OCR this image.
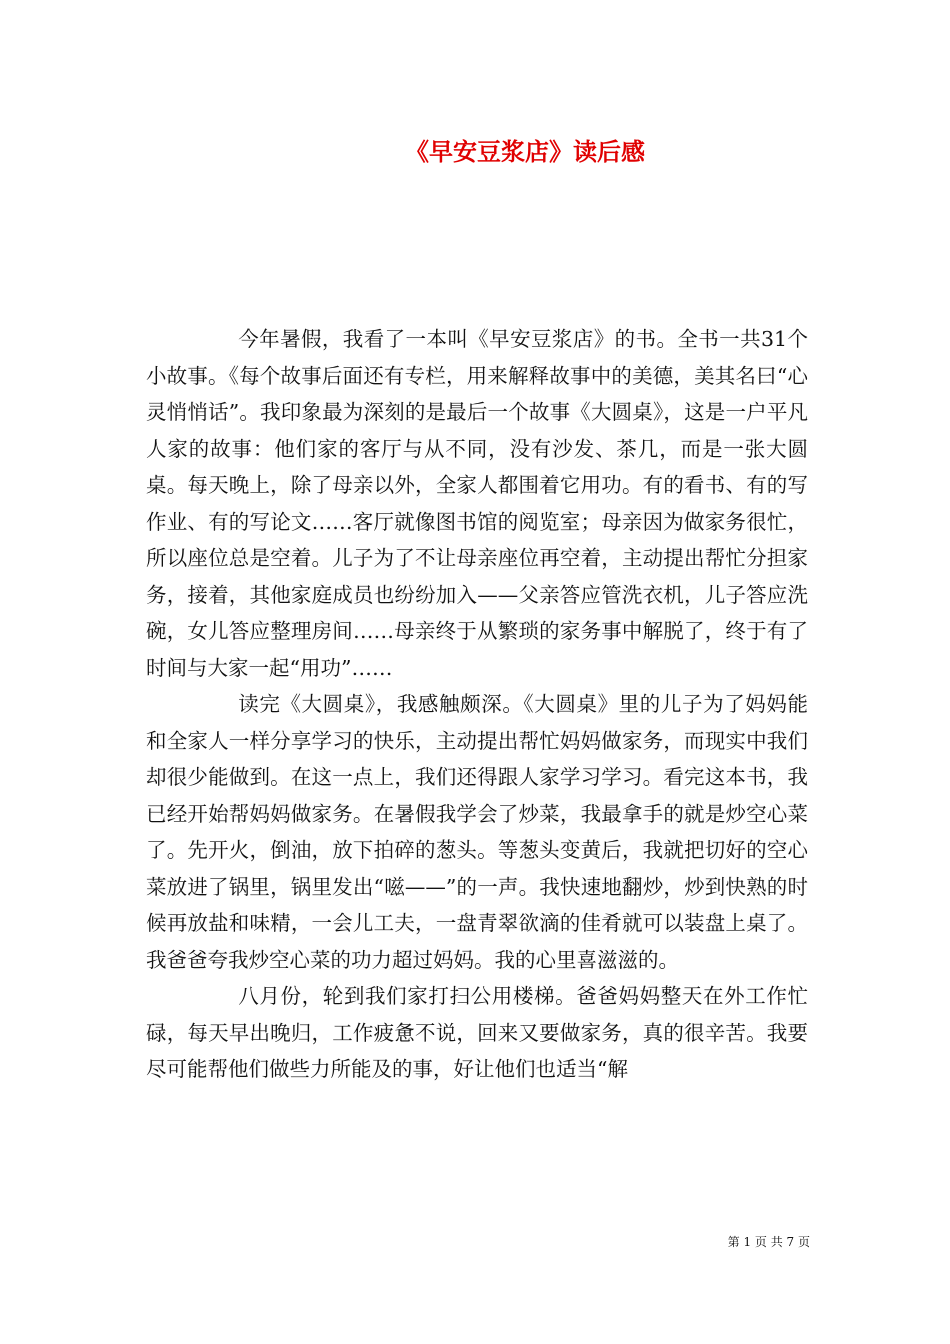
《早安豆浆店》读后感

今年暑假，我看了一本叫《早安豆浆店》的书。全书一共31个小故事。《每个故事后面还有专栏，用来解释故事中的美德，美其名曰“心灵悄悄话”。我印象最为深刻的是最后一个故事《大圆桌》，这是一户平凡人家的故事：他们家的客厅与从不同，没有沙发、茶几，而是一张大圆桌。每天晚上，除了母亲以外，全家人都围着它用功。有的看书、有的写作业、有的写论文……客厅就像图书馆的阅览室；母亲因为做家务很忙，所以座位总是空着。儿子为了不让母亲座位再空着，主动提出帮忙分担家务，接着，其他家庭成员也纷纷加入——父亲答应管洗衣机，儿子答应洗碗，女儿答应整理房间……母亲终于从繁琐的家务事中解脱了，终于有了时间与大家一起“用功”……

读完《大圆桌》，我感触颇深。《大圆桌》里的儿子为了妈妈能和全家人一样分享学习的快乐，主动提出帮忙妈妈做家务，而现实中我们却很少能做到。在这一点上，我们还得跟人家学习学习。看完这本书，我已经开始帮妈妈做家务。在暑假我学会了炒菜，我最拿手的就是炒空心菜了。先开火，倒油，放下拍碎的葱头。等葱头变黄后，我就把切好的空心菜放进了锅里，锅里发出“嗞——”的一声。我快速地翻炒，炒到快熟的时候再放盐和味精，一会儿工夫，一盘青翠欲滴的佳肴就可以装盘上桌了。我爸爸夸我炒空心菜的功力超过妈妈。我的心里喜滋滋的。

八月份，轮到我们家打扫公用楼梯。爸爸妈妈整天在外工作忙碌，每天早出晚归，工作疲惫不说，回来又要做家务，真的很辛苦。我要尽可能帮他们做些力所能及的事，好让他们也适当“解

第 1 页 共 7 页
